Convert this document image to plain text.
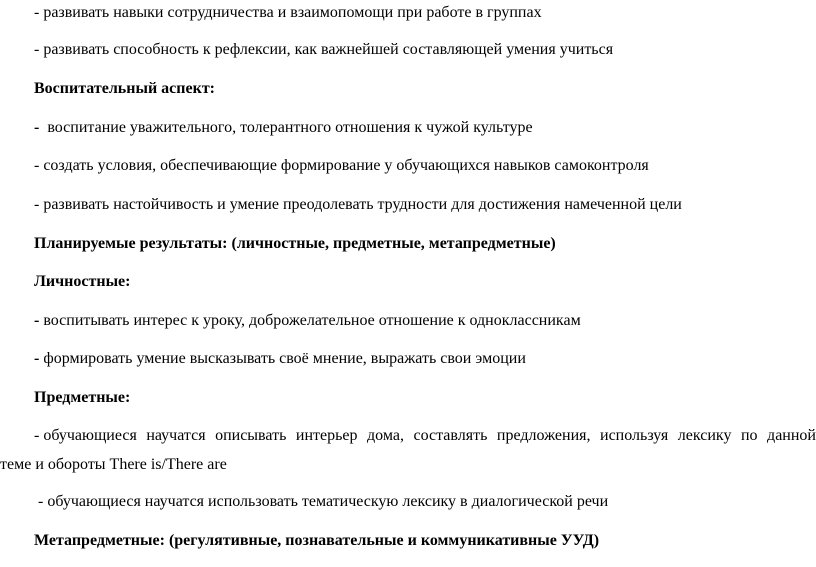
- развивать навыки сотрудничества и взаимопомощи при работе в группах
- развивать способность к рефлексии, как важнейшей составляющей умения учиться
Воспитательный аспект:
-  воспитание уважительного, толерантного отношения к чужой культуре
- создать условия, обеспечивающие формирование у обучающихся навыков самоконтроля
- развивать настойчивость и умение преодолевать трудности для достижения намеченной цели
Планируемые результаты: (личностные, предметные, метапредметные)
Личностные:
- воспитывать интерес к уроку, доброжелательное отношение к одноклассникам
- формировать умение высказывать своё мнение, выражать свои эмоции
Предметные:
- обучающиеся научатся описывать интерьер дома, составлять предложения, используя лексику по данной
теме и обороты There is/There are
- обучающиеся научатся использовать тематическую лексику в диалогической речи
Метапредметные: (регулятивные, познавательные и коммуникативные УУД)
